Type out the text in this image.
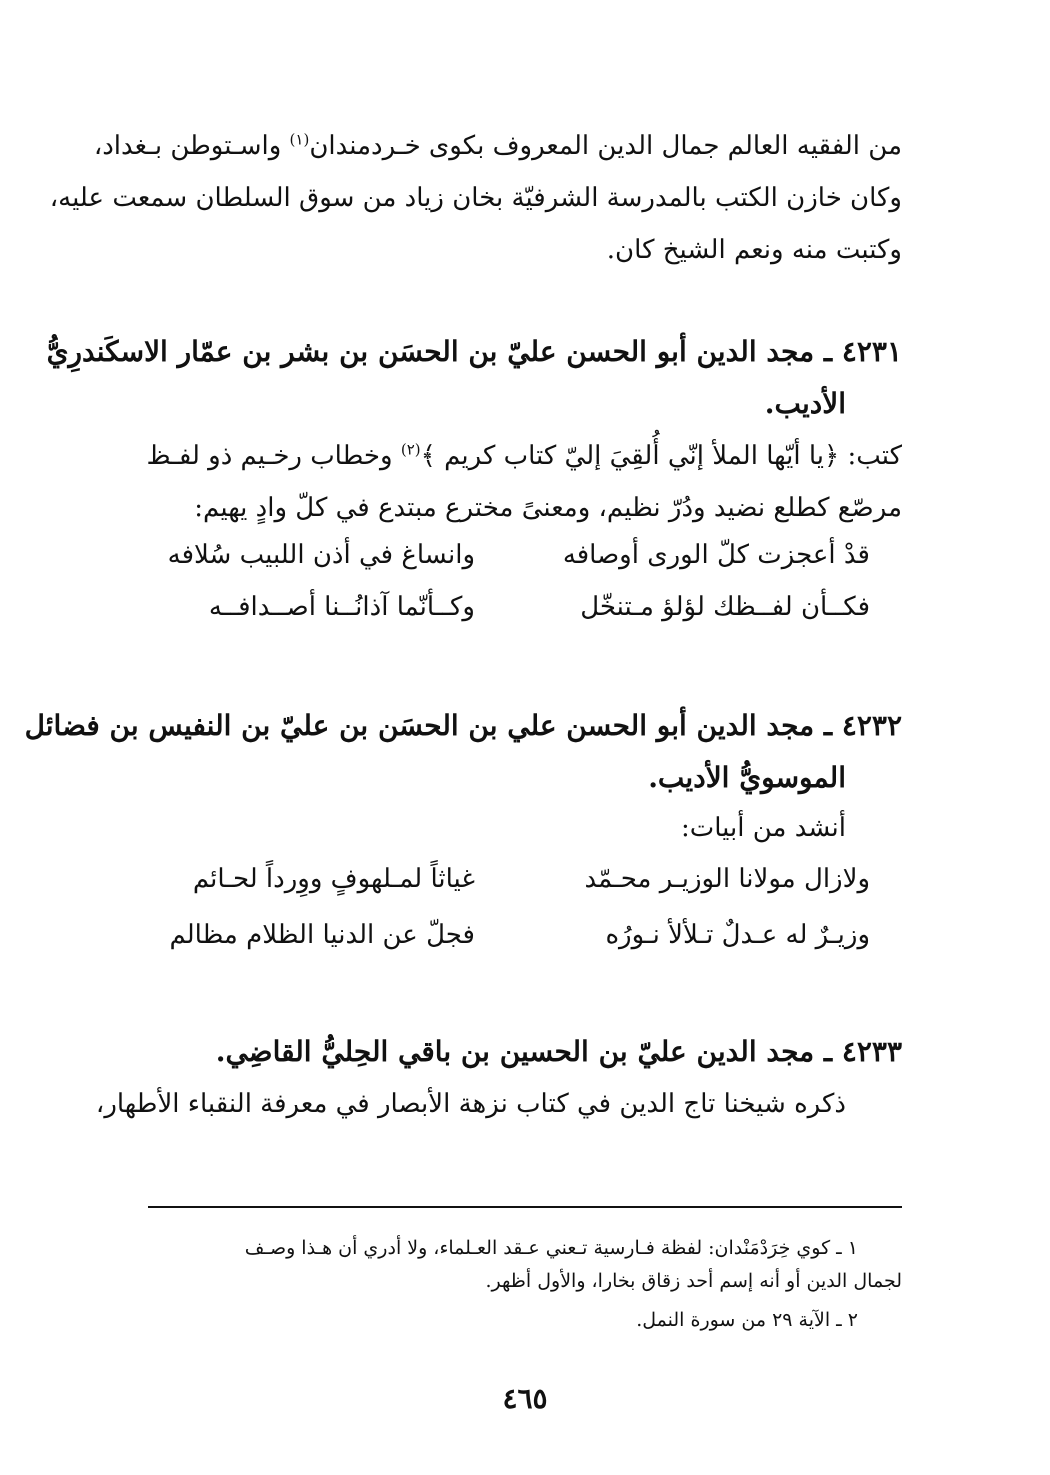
من الفقيه العالم جمال الدين المعروف بكوى خـردمندان$^{(١)}$ واسـتوطن بـغداد،
وكان خازن الكتب بالمدرسة الشرفيّة بخان زياد من سوق السلطان سمعت عليه،
وكتبت منه ونعم الشيخ كان.
٤٢٣١ ـ مجد الدين أبو الحسن عليّ بن الحسَن بن بشر بن عمّار الاسكَندرِيُّ
الأديب.
كتب: ﴿يا أيّها الملأ إنّي أُلقِيَ إليّ كتاب كريم ﴾$^{(٢)}$ وخطاب رخـيم ذو لفـظ
مرصّع كطلع نضيد ودُرّ نظيم، ومعنىً مخترع مبتدع في كلّ وادٍ يهيم:
قدْ أعجزت كلّ الورى أوصافه
وانساغ في أذن اللبيب سُلافه
فكــأن لفــظك لؤلؤ مـتنخّل
وكــأنّما آذانُــنا أصــدافــه
٤٢٣٢ ـ مجد الدين أبو الحسن علي بن الحسَن بن عليّ بن النفيس بن فضائل
الموسويُّ الأديب.
أنشد من أبيات:
ولازال مولانا الوزيـر محـمّد
غياثاً لمـلهوفٍ ووِرداً لحـائم
وزيـرٌ له عـدلٌ تـلألأ نـورُه
فجلّ عن الدنيا الظلام مظالم
٤٢٣٣ ـ مجد الدين عليّ بن الحسين بن باقي الحِليُّ القاضِي.
ذكره شيخنا تاج الدين في كتاب نزهة الأبصار في معرفة النقباء الأطهار،
١ ـ كوي خِرَدْمَنْدان: لفظة فـارسية تـعني عـقد العـلماء، ولا أدري أن هـذا وصـف
لجمال الدين أو أنه إسم أحد زقاق بخارا، والأول أظهر.
٢ ـ الآية ٢٩ من سورة النمل.
٤٦٥
